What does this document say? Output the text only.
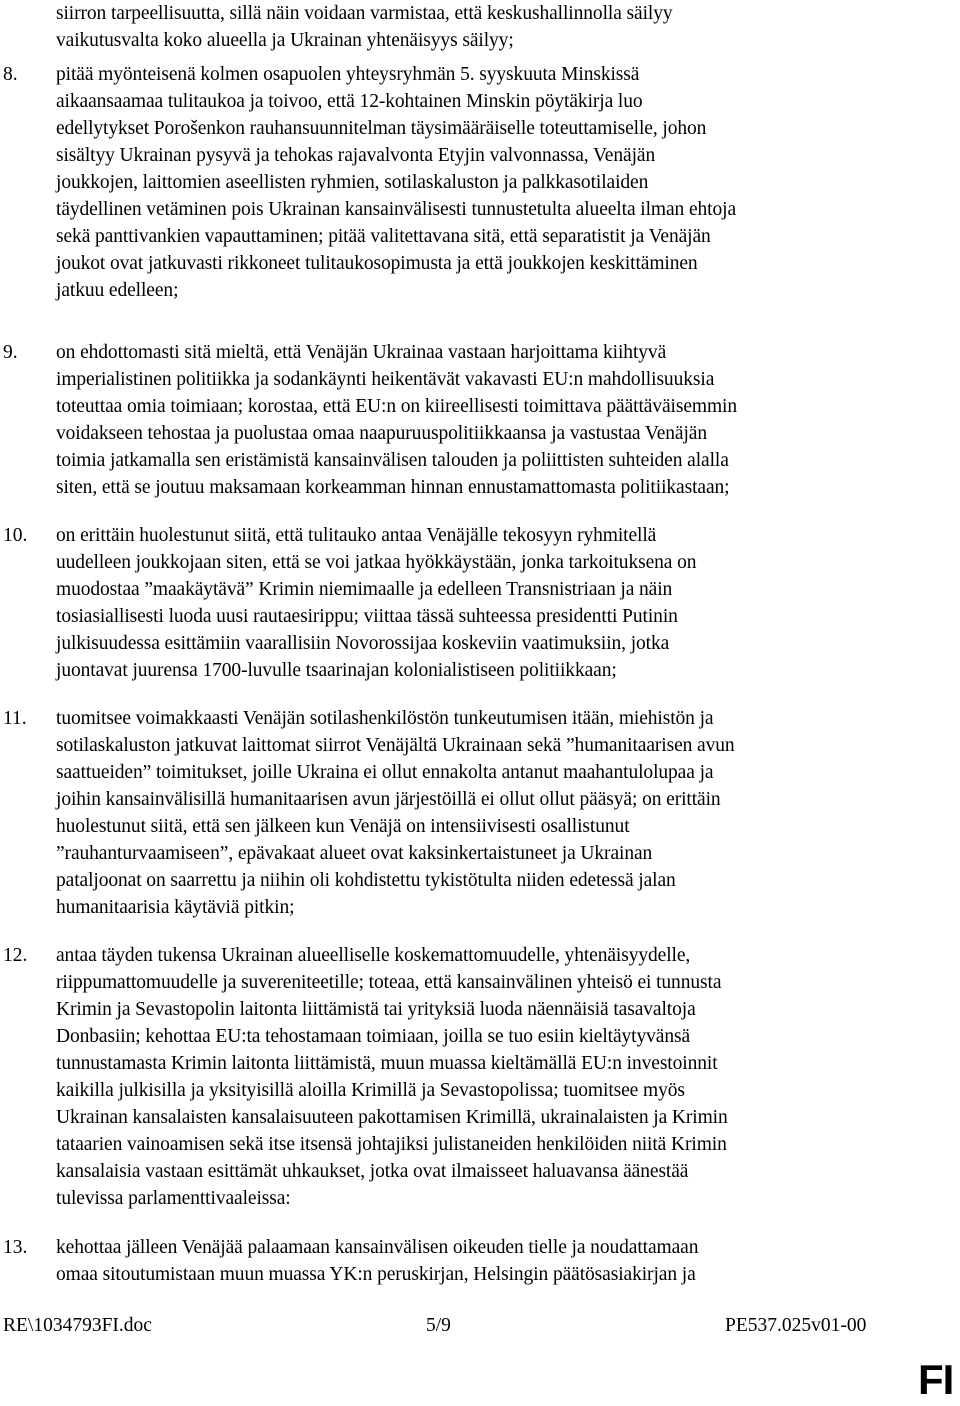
siirron tarpeellisuutta, sillä näin voidaan varmistaa, että keskushallinnolla säilyy
vaikutusvalta koko alueella ja Ukrainan yhtenäisyys säilyy;
8. pitää myönteisenä kolmen osapuolen yhteysryhmän 5. syyskuuta Minskissä
aikaansaamaa tulitaukoa ja toivoo, että 12-kohtainen Minskin pöytäkirja luo
edellytykset Porošenkon rauhansuunnitelman täysimääräiselle toteuttamiselle, johon
sisältyy Ukrainan pysyvä ja tehokas rajavalvonta Etyjin valvonnassa, Venäjän
joukkojen, laittomien aseellisten ryhmien, sotilaskaluston ja palkkasotilaiden
täydellinen vetäminen pois Ukrainan kansainvälisesti tunnustetulta alueelta ilman ehtoja
sekä panttivankien vapauttaminen; pitää valitettavana sitä, että separatistit ja Venäjän
joukot ovat jatkuvasti rikkoneet tulitaukosopimusta ja että joukkojen keskittäminen
jatkuu edelleen;
9. on ehdottomasti sitä mieltä, että Venäjän Ukrainaa vastaan harjoittama kiihtyvä
imperialistinen politiikka ja sodankäynti heikentävät vakavasti EU:n mahdollisuuksia
toteuttaa omia toimiaan; korostaa, että EU:n on kiireellisesti toimittava päättäväisemmin
voidakseen tehostaa ja puolustaa omaa naapuruuspolitiikkaansa ja vastustaa Venäjän
toimia jatkamalla sen eristämistä kansainvälisen talouden ja poliittisten suhteiden alalla
siten, että se joutuu maksamaan korkeamman hinnan ennustamattomasta politiikastaan;
10. on erittäin huolestunut siitä, että tulitauko antaa Venäjälle tekosyyn ryhmitellä
uudelleen joukkojaan siten, että se voi jatkaa hyökkäystään, jonka tarkoituksena on
muodostaa ”maakäytävä” Krimin niemimaalle ja edelleen Transnistriaan ja näin
tosiasiallisesti luoda uusi rautaesirippu; viittaa tässä suhteessa presidentti Putinin
julkisuudessa esittämiin vaarallisiin Novorossijaa koskeviin vaatimuksiin, jotka
juontavat juurensa 1700-luvulle tsaarinajan kolonialistiseen politiikkaan;
11. tuomitsee voimakkaasti Venäjän sotilashenkilöstön tunkeutumisen itään, miehistön ja
sotilaskaluston jatkuvat laittomat siirrot Venäjältä Ukrainaan sekä ”humanitaarisen avun
saattueiden” toimitukset, joille Ukraina ei ollut ennakolta antanut maahantulolupaa ja
joihin kansainvälisillä humanitaarisen avun järjestöillä ei ollut ollut pääsyä; on erittäin
huolestunut siitä, että sen jälkeen kun Venäjä on intensiivisesti osallistunut
”rauhanturvaamiseen”, epävakaat alueet ovat kaksinkertaistuneet ja Ukrainan
pataljoonat on saarrettu ja niihin oli kohdistettu tykistötulta niiden edetessä jalan
humanitaarisia käytäviä pitkin;
12. antaa täyden tukensa Ukrainan alueelliselle koskemattomuudelle, yhtenäisyydelle,
riippumattomuudelle ja suvereniteetille; toteaa, että kansainvälinen yhteisö ei tunnusta
Krimin ja Sevastopolin laitonta liittämistä tai yrityksiä luoda näennäisiä tasavaltoja
Donbasiin; kehottaa EU:ta tehostamaan toimiaan, joilla se tuo esiin kieltäytyvänsä
tunnustamasta Krimin laitonta liittämistä, muun muassa kieltämällä EU:n investoinnit
kaikilla julkisilla ja yksityisillä aloilla Krimillä ja Sevastopolissa; tuomitsee myös
Ukrainan kansalaisten kansalaisuuteen pakottamisen Krimillä, ukrainalaisten ja Krimin
tataarien vainoamisen sekä itse itsensä johtajiksi julistaneiden henkilöiden niitä Krimin
kansalaisia vastaan esittämät uhkaukset, jotka ovat ilmaisseet haluavansa äänestää
tulevissa parlamenttivaaleissa:
13. kehottaa jälleen Venäjää palaamaan kansainvälisen oikeuden tielle ja noudattamaan
omaa sitoutumistaan muun muassa YK:n peruskirjan, Helsingin päätösasiakirjan ja
RE\1034793FI.doc	5/9	PE537.025v01-00
FI
